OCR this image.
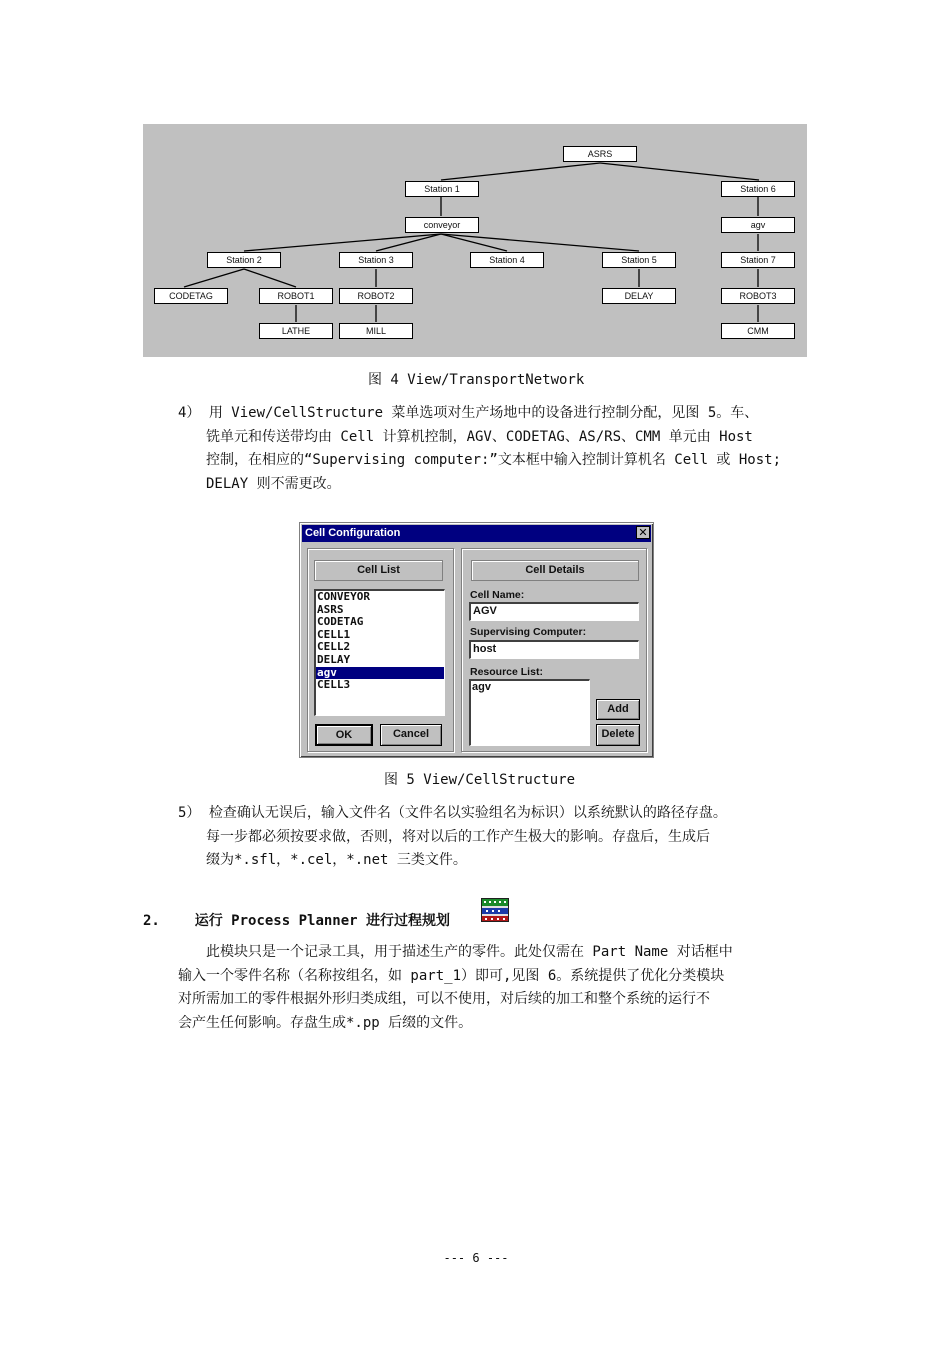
ASRS
Station 1	Station 6
conveyor	agv
Station 2	Station 3	Station 4	Station 5	Station 7
CODETAG	ROBOT1	ROBOT2	DELAY	ROBOT3
LATHE	MILL	CMM
图 4 View/TransportNetwork
4） 用 View/CellStructure 菜单选项对生产场地中的设备进行控制分配，见图 5。车、
铣单元和传送带均由 Cell 计算机控制，AGV、CODETAG、AS/RS、CMM 单元由 Host
控制，在相应的“Supervising computer:”文本框中输入控制计算机名 Cell 或 Host;
DELAY 则不需更改。
Cell Configuration	✕
Cell List
CONVEYOR
ASRS
CODETAG
CELL1
CELL2
DELAY
agv
CELL3
OK	Cancel
Cell Details
Cell Name:
AGV
Supervising Computer:
host
Resource List:
agv
Add
Delete
图 5 View/CellStructure
5） 检查确认无误后，输入文件名（文件名以实验组名为标识）以系统默认的路径存盘。
每一步都必须按要求做，否则，将对以后的工作产生极大的影响。存盘后，生成后
缀为*.sfl，*.cel，*.net 三类文件。
2. 运行 Process Planner 进行过程规划
此模块只是一个记录工具，用于描述生产的零件。此处仅需在 Part Name 对话框中
输入一个零件名称（名称按组名，如 part_1）即可,见图 6。系统提供了优化分类模块
对所需加工的零件根据外形归类成组，可以不使用，对后续的加工和整个系统的运行不
会产生任何影响。存盘生成*.pp 后缀的文件。
--- 6 ---
